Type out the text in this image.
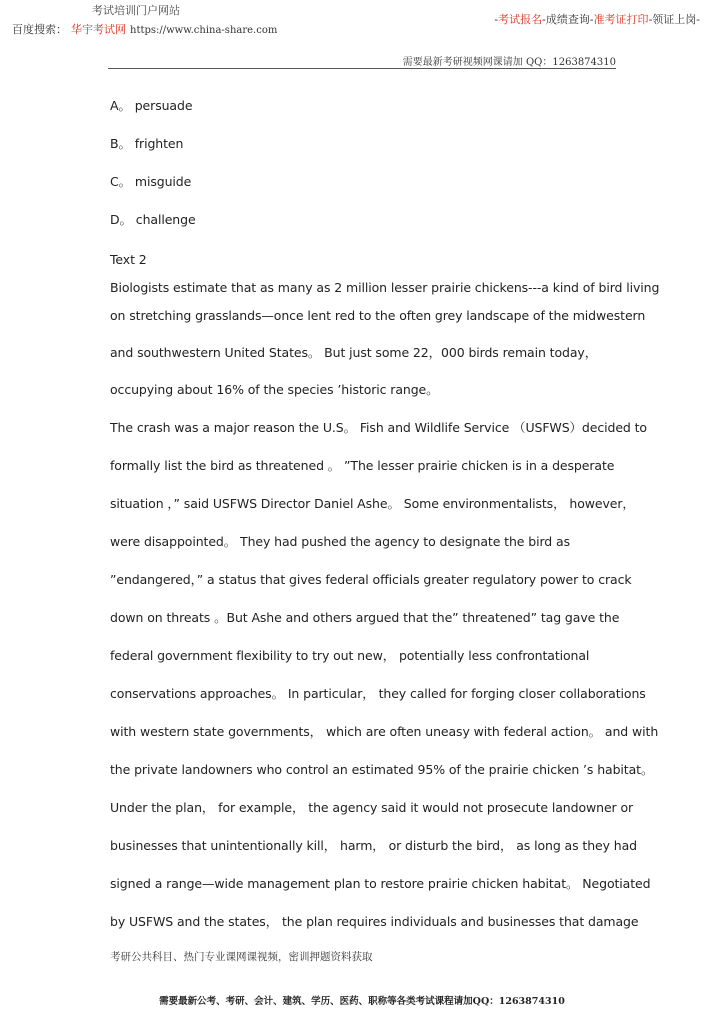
考试培训门户网站
百度搜索： 华宇考试网 https://www.china-share.com
-考试报名-成绩查询-准考证打印-领证上岗-
需要最新考研视频网课请加 QQ：1263874310
A。 persuade
B。 frighten
C。 misguide
D。 challenge
Text 2
Biologists estimate that as many as 2 million lesser prairie chickens---a kind of bird living
on stretching grasslands—once lent red to the often grey landscape of the midwestern
and southwestern United States。 But just some 22，000 birds remain today，
occupying about 16% of the species ’historic range。
The crash was a major reason the U.S。 Fish and Wildlife Service （USFWS）decided to
formally list the bird as threatened 。 ”The lesser prairie chicken is in a desperate
situation ，” said USFWS Director Daniel Ashe。 Some environmentalists， however，
were disappointed。 They had pushed the agency to designate the bird as
”endangered，” a status that gives federal officials greater regulatory power to crack
down on threats 。But Ashe and others argued that the” threatened” tag gave the
federal government flexibility to try out new， potentially less confrontational
conservations approaches。 In particular， they called for forging closer collaborations
with western state governments， which are often uneasy with federal action。 and with
the private landowners who control an estimated 95% of the prairie chicken ’s habitat。
Under the plan， for example， the agency said it would not prosecute landowner or
businesses that unintentionally kill， harm， or disturb the bird， as long as they had
signed a range—wide management plan to restore prairie chicken habitat。 Negotiated
by USFWS and the states， the plan requires individuals and businesses that damage
考研公共科目、热门专业课网课视频，密训押题资料获取
需要最新公考、考研、会计、建筑、学历、医药、职称等各类考试课程请加QQ：1263874310
